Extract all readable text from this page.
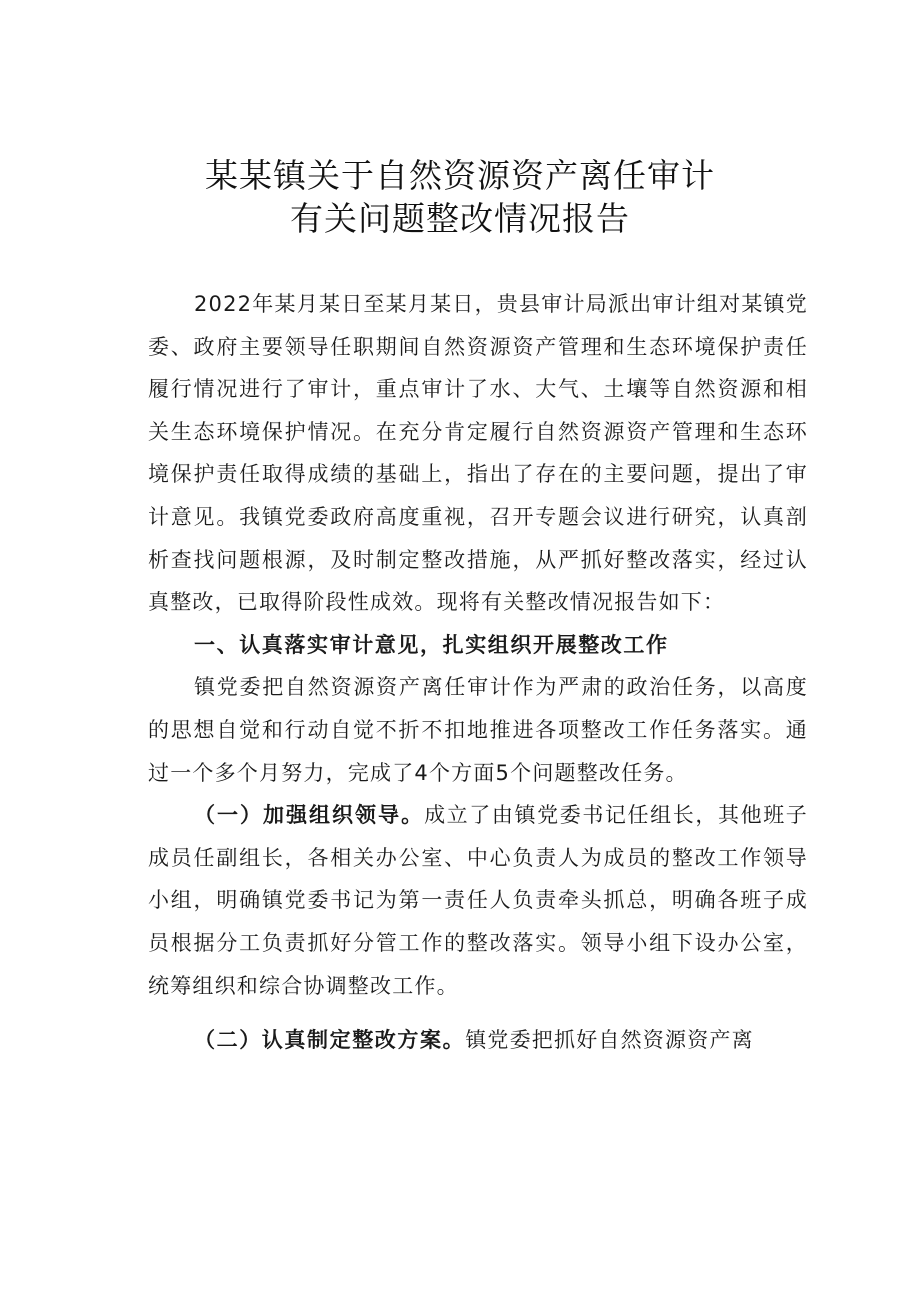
某某镇关于自然资源资产离任审计
有关问题整改情况报告

2022年某月某日至某月某日，贵县审计局派出审计组对某镇党委、政府主要领导任职期间自然资源资产管理和生态环境保护责任履行情况进行了审计，重点审计了水、大气、土壤等自然资源和相关生态环境保护情况。在充分肯定履行自然资源资产管理和生态环境保护责任取得成绩的基础上，指出了存在的主要问题，提出了审计意见。我镇党委政府高度重视，召开专题会议进行研究，认真剖析查找问题根源，及时制定整改措施，从严抓好整改落实，经过认真整改，已取得阶段性成效。现将有关整改情况报告如下：

一、认真落实审计意见，扎实组织开展整改工作

镇党委把自然资源资产离任审计作为严肃的政治任务，以高度的思想自觉和行动自觉不折不扣地推进各项整改工作任务落实。通过一个多个月努力，完成了4个方面5个问题整改任务。

（一）加强组织领导。成立了由镇党委书记任组长，其他班子成员任副组长，各相关办公室、中心负责人为成员的整改工作领导小组，明确镇党委书记为第一责任人负责牵头抓总，明确各班子成员根据分工负责抓好分管工作的整改落实。领导小组下设办公室，统筹组织和综合协调整改工作。

（二）认真制定整改方案。镇党委把抓好自然资源资产离
